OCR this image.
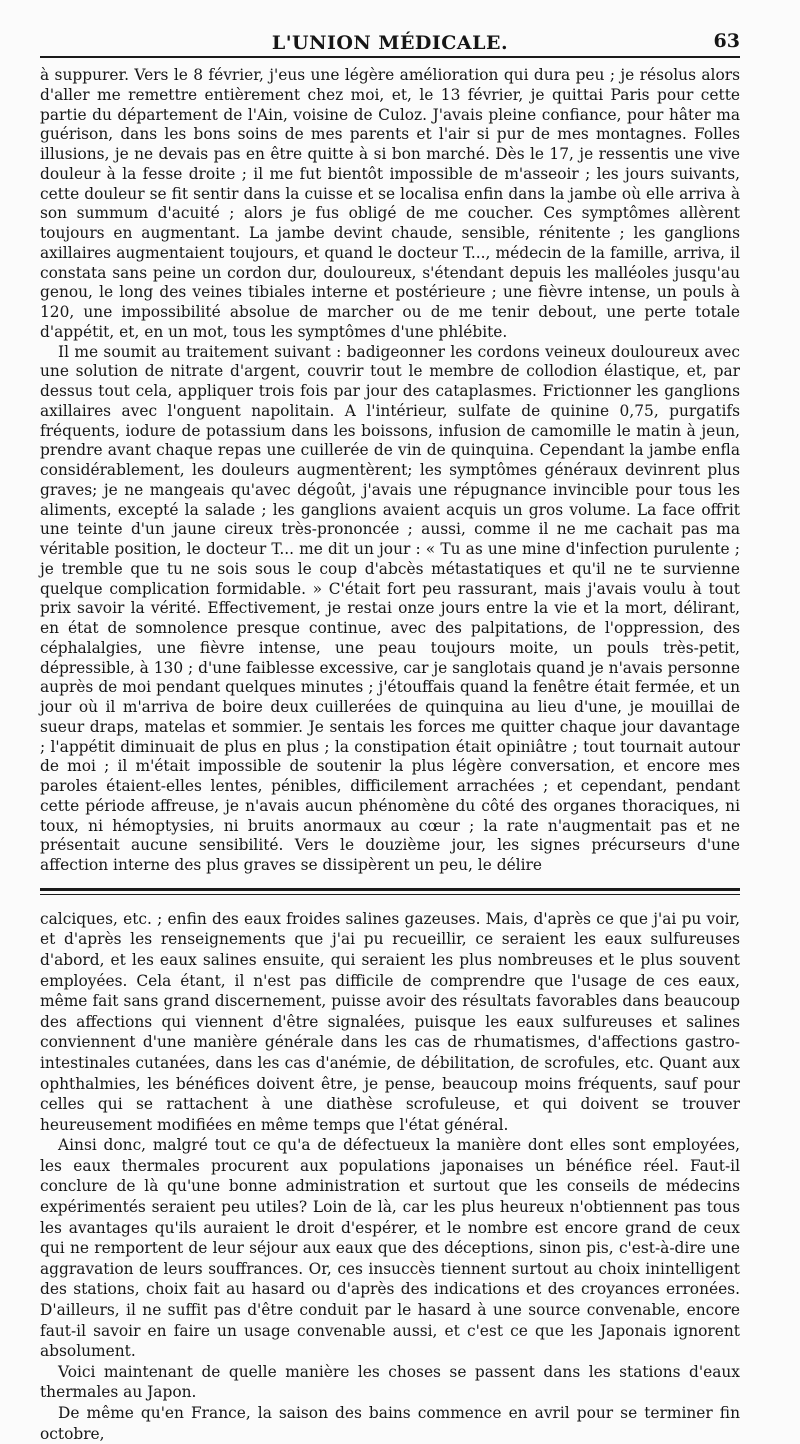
L'UNION MÉDICALE.	63

à suppurer. Vers le 8 février, j'eus une légère amélioration qui dura peu ; je résolus alors d'aller me remettre entièrement chez moi, et, le 13 février, je quittai Paris pour cette partie du département de l'Ain, voisine de Culoz. J'avais pleine confiance, pour hâter ma guérison, dans les bons soins de mes parents et l'air si pur de mes montagnes. Folles illusions, je ne devais pas en être quitte à si bon marché. Dès le 17, je ressentis une vive douleur à la fesse droite ; il me fut bientôt impossible de m'asseoir ; les jours suivants, cette douleur se fit sentir dans la cuisse et se localisa enfin dans la jambe où elle arriva à son summum d'acuité ; alors je fus obligé de me coucher. Ces symptômes allèrent toujours en augmentant. La jambe devint chaude, sensible, rénitente ; les ganglions axillaires augmentaient toujours, et quand le docteur T..., médecin de la famille, arriva, il constata sans peine un cordon dur, douloureux, s'étendant depuis les malléoles jusqu'au genou, le long des veines tibiales interne et postérieure ; une fièvre intense, un pouls à 120, une impossibilité absolue de marcher ou de me tenir debout, une perte totale d'appétit, et, en un mot, tous les symptômes d'une phlébite.

Il me soumit au traitement suivant : badigeonner les cordons veineux douloureux avec une solution de nitrate d'argent, couvrir tout le membre de collodion élastique, et, par dessus tout cela, appliquer trois fois par jour des cataplasmes. Frictionner les ganglions axillaires avec l'onguent napolitain. A l'intérieur, sulfate de quinine 0,75, purgatifs fréquents, iodure de potassium dans les boissons, infusion de camomille le matin à jeun, prendre avant chaque repas une cuillerée de vin de quinquina. Cependant la jambe enfla considérablement, les douleurs augmentèrent; les symptômes généraux devinrent plus graves; je ne mangeais qu'avec dégoût, j'avais une répugnance invincible pour tous les aliments, excepté la salade ; les ganglions avaient acquis un gros volume. La face offrit une teinte d'un jaune cireux très-prononcée ; aussi, comme il ne me cachait pas ma véritable position, le docteur T... me dit un jour : « Tu as une mine d'infection purulente ; je tremble que tu ne sois sous le coup d'abcès métastatiques et qu'il ne te survienne quelque complication formidable. » C'était fort peu rassurant, mais j'avais voulu à tout prix savoir la vérité. Effectivement, je restai onze jours entre la vie et la mort, délirant, en état de somnolence presque continue, avec des palpitations, de l'oppression, des céphalalgies, une fièvre intense, une peau toujours moite, un pouls très-petit, dépressible, à 130 ; d'une faiblesse excessive, car je sanglotais quand je n'avais personne auprès de moi pendant quelques minutes ; j'étouffais quand la fenêtre était fermée, et un jour où il m'arriva de boire deux cuillerées de quinquina au lieu d'une, je mouillai de sueur draps, matelas et sommier. Je sentais les forces me quitter chaque jour davantage ; l'appétit diminuait de plus en plus ; la constipation était opiniâtre ; tout tournait autour de moi ; il m'était impossible de soutenir la plus légère conversation, et encore mes paroles étaient-elles lentes, pénibles, difficilement arrachées ; et cependant, pendant cette période affreuse, je n'avais aucun phénomène du côté des organes thoraciques, ni toux, ni hémoptysies, ni bruits anormaux au cœur ; la rate n'augmentait pas et ne présentait aucune sensibilité. Vers le douzième jour, les signes précurseurs d'une affection interne des plus graves se dissipèrent un peu, le délire

calciques, etc. ; enfin des eaux froides salines gazeuses. Mais, d'après ce que j'ai pu voir, et d'après les renseignements que j'ai pu recueillir, ce seraient les eaux sulfureuses d'abord, et les eaux salines ensuite, qui seraient les plus nombreuses et le plus souvent employées. Cela étant, il n'est pas difficile de comprendre que l'usage de ces eaux, même fait sans grand discernement, puisse avoir des résultats favorables dans beaucoup des affections qui viennent d'être signalées, puisque les eaux sulfureuses et salines conviennent d'une manière générale dans les cas de rhumatismes, d'affections gastro-intestinales cutanées, dans les cas d'anémie, de débilitation, de scrofules, etc. Quant aux ophthalmies, les bénéfices doivent être, je pense, beaucoup moins fréquents, sauf pour celles qui se rattachent à une diathèse scrofuleuse, et qui doivent se trouver heureusement modifiées en même temps que l'état général.

Ainsi donc, malgré tout ce qu'a de défectueux la manière dont elles sont employées, les eaux thermales procurent aux populations japonaises un bénéfice réel. Faut-il conclure de là qu'une bonne administration et surtout que les conseils de médecins expérimentés seraient peu utiles? Loin de là, car les plus heureux n'obtiennent pas tous les avantages qu'ils auraient le droit d'espérer, et le nombre est encore grand de ceux qui ne remportent de leur séjour aux eaux que des déceptions, sinon pis, c'est-à-dire une aggravation de leurs souffrances. Or, ces insuccès tiennent surtout au choix inintelligent des stations, choix fait au hasard ou d'après des indications et des croyances erronées. D'ailleurs, il ne suffit pas d'être conduit par le hasard à une source convenable, encore faut-il savoir en faire un usage convenable aussi, et c'est ce que les Japonais ignorent absolument.

Voici maintenant de quelle manière les choses se passent dans les stations d'eaux thermales au Japon.

De même qu'en France, la saison des bains commence en avril pour se terminer fin octobre,
